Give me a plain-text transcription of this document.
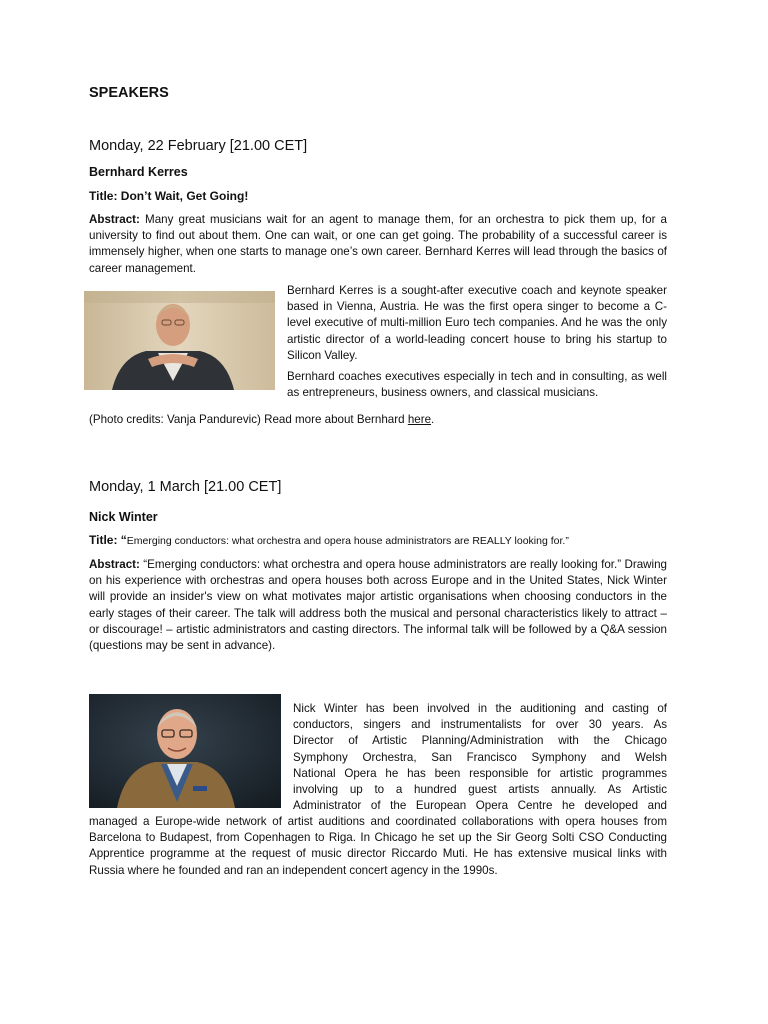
SPEAKERS

Monday, 22 February [21.00 CET]

Bernhard Kerres

Title: Don’t Wait, Get Going!

Abstract: Many great musicians wait for an agent to manage them, for an orchestra to pick them up, for a university to find out about them. One can wait, or one can get going. The probability of a successful career is immensely higher, when one starts to manage one’s own career. Bernhard Kerres will lead through the basics of career management.

Bernhard Kerres is a sought-after executive coach and keynote speaker based in Vienna, Austria. He was the first opera singer to become a C-level executive of multi-million Euro tech companies. And he was the only artistic director of a world-leading concert house to bring his startup to Silicon Valley.

Bernhard coaches executives especially in tech and in consulting, as well as entrepreneurs, business owners, and classical musicians.

(Photo credits: Vanja Pandurevic) Read more about Bernhard here.

Monday, 1 March [21.00 CET]

Nick Winter

Title: “Emerging conductors: what orchestra and opera house administrators are REALLY looking for.”

Abstract: “Emerging conductors: what orchestra and opera house administrators are really looking for.” Drawing on his experience with orchestras and opera houses both across Europe and in the United States, Nick Winter will provide an insider's view on what motivates major artistic organisations when choosing conductors in the early stages of their career. The talk will address both the musical and personal characteristics likely to attract – or discourage! – artistic administrators and casting directors. The informal talk will be followed by a Q&A session (questions may be sent in advance).

Nick Winter has been involved in the auditioning and casting of

conductors, singers and instrumentalists for over 30 years. As

Director of Artistic Planning/Administration with the Chicago

Symphony Orchestra, San Francisco Symphony and Welsh

National Opera he has been responsible for artistic programmes

involving up to a hundred guest artists annually. As Artistic

Administrator of the European Opera Centre he developed and

managed a Europe-wide network of artist auditions and coordinated collaborations with opera houses from Barcelona to Budapest, from Copenhagen to Riga. In Chicago he set up the Sir Georg Solti CSO Conducting Apprentice programme at the request of music director Riccardo Muti. He has extensive musical links with Russia where he founded and ran an independent concert agency in the 1990s.
